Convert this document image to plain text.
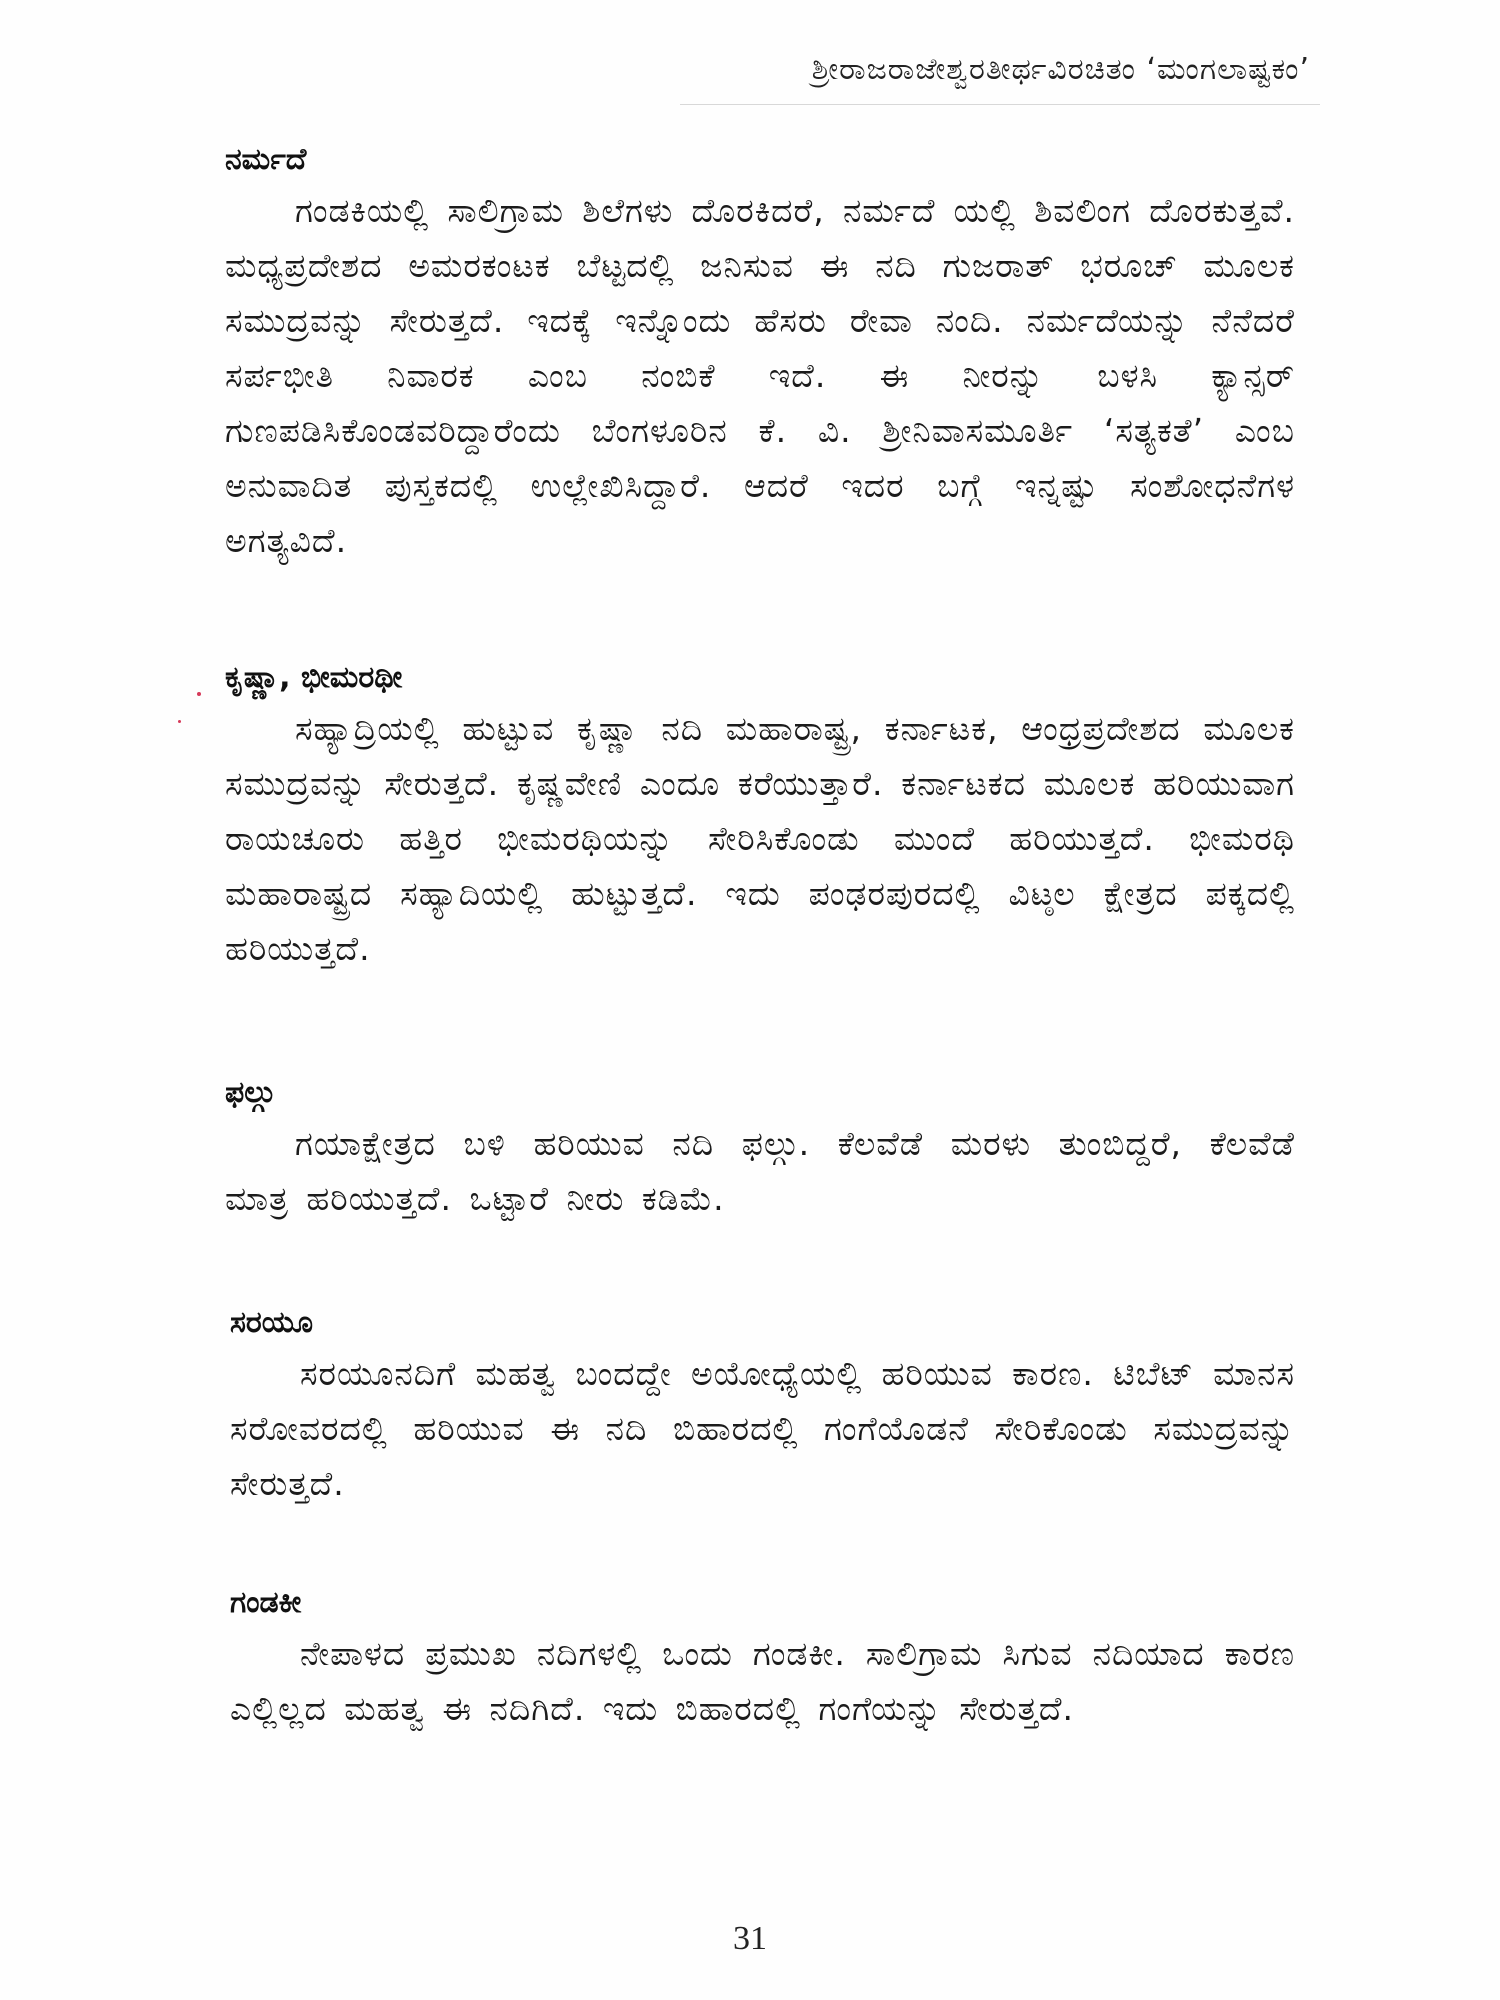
ಶ್ರೀರಾಜರಾಜೇಶ್ವರತೀರ್ಥವಿರಚಿತಂ ‘ಮಂಗಲಾಷ್ಟಕಂ’
ನರ್ಮದೆ

ಗಂಡಕಿಯಲ್ಲಿ ಸಾಲಿಗ್ರಾಮ ಶಿಲೆಗಳು ದೊರಕಿದರೆ, ನರ್ಮದೆ ಯಲ್ಲಿ ಶಿವಲಿಂಗ ದೊರಕುತ್ತವೆ. ಮಧ್ಯಪ್ರದೇಶದ ಅಮರಕಂಟಕ ಬೆಟ್ಟದಲ್ಲಿ ಜನಿಸುವ ಈ ನದಿ ಗುಜರಾತ್ ಭರೂಚ್ ಮೂಲಕ ಸಮುದ್ರವನ್ನು ಸೇರುತ್ತದೆ. ಇದಕ್ಕೆ ಇನ್ನೊಂದು ಹೆಸರು ರೇವಾ ನಂದಿ. ನರ್ಮದೆಯನ್ನು ನೆನೆದರೆ ಸರ್ಪಭೀತಿ ನಿವಾರಕ ಎಂಬ ನಂಬಿಕೆ ಇದೆ. ಈ ನೀರನ್ನು ಬಳಸಿ ಕ್ಯಾನ್ಸರ್ ಗುಣಪಡಿಸಿಕೊಂಡವರಿದ್ದಾರೆಂದು ಬೆಂಗಳೂರಿನ ಕೆ. ವಿ. ಶ್ರೀನಿವಾಸಮೂರ್ತಿ ‘ಸತ್ಯಕತೆ’ ಎಂಬ ಅನುವಾದಿತ ಪುಸ್ತಕದಲ್ಲಿ ಉಲ್ಲೇಖಿಸಿದ್ದಾರೆ. ಆದರೆ ಇದರ ಬಗ್ಗೆ ಇನ್ನಷ್ಟು ಸಂಶೋಧನೆಗಳ ಅಗತ್ಯವಿದೆ.

ಕೃಷ್ಣಾ, ಭೀಮರಥೀ

ಸಹ್ಯಾದ್ರಿಯಲ್ಲಿ ಹುಟ್ಟುವ ಕೃಷ್ಣಾ ನದಿ ಮಹಾರಾಷ್ಟ್ರ, ಕರ್ನಾಟಕ, ಆಂಧ್ರಪ್ರದೇಶದ ಮೂಲಕ ಸಮುದ್ರವನ್ನು ಸೇರುತ್ತದೆ. ಕೃಷ್ಣವೇಣಿ ಎಂದೂ ಕರೆಯುತ್ತಾರೆ. ಕರ್ನಾಟಕದ ಮೂಲಕ ಹರಿಯುವಾಗ ರಾಯಚೂರು ಹತ್ತಿರ ಭೀಮರಥಿಯನ್ನು ಸೇರಿಸಿಕೊಂಡು ಮುಂದೆ ಹರಿಯುತ್ತದೆ. ಭೀಮರಥಿ ಮಹಾರಾಷ್ಟ್ರದ ಸಹ್ಯಾದಿಯಲ್ಲಿ ಹುಟ್ಟುತ್ತದೆ. ಇದು ಪಂಢರಪುರದಲ್ಲಿ ವಿಟ್ಠಲ ಕ್ಷೇತ್ರದ ಪಕ್ಕದಲ್ಲಿ ಹರಿಯುತ್ತದೆ.

ಫಲ್ಗು

ಗಯಾಕ್ಷೇತ್ರದ ಬಳಿ ಹರಿಯುವ ನದಿ ಫಲ್ಗು. ಕೆಲವೆಡೆ ಮರಳು ತುಂಬಿದ್ದರೆ, ಕೆಲವೆಡೆ ಮಾತ್ರ ಹರಿಯುತ್ತದೆ. ಒಟ್ಟಾರೆ ನೀರು ಕಡಿಮೆ.

ಸರಯೂ

ಸರಯೂನದಿಗೆ ಮಹತ್ವ ಬಂದದ್ದೇ ಅಯೋಧ್ಯೆಯಲ್ಲಿ ಹರಿಯುವ ಕಾರಣ. ಟಿಬೆಟ್ ಮಾನಸ ಸರೋವರದಲ್ಲಿ ಹರಿಯುವ ಈ ನದಿ ಬಿಹಾರದಲ್ಲಿ ಗಂಗೆಯೊಡನೆ ಸೇರಿಕೊಂಡು ಸಮುದ್ರವನ್ನು ಸೇರುತ್ತದೆ.

ಗಂಡಕೀ

ನೇಪಾಳದ ಪ್ರಮುಖ ನದಿಗಳಲ್ಲಿ ಒಂದು ಗಂಡಕೀ. ಸಾಲಿಗ್ರಾಮ ಸಿಗುವ ನದಿಯಾದ ಕಾರಣ ಎಲ್ಲಿಲ್ಲದ ಮಹತ್ವ ಈ ನದಿಗಿದೆ. ಇದು ಬಿಹಾರದಲ್ಲಿ ಗಂಗೆಯನ್ನು ಸೇರುತ್ತದೆ.

31
